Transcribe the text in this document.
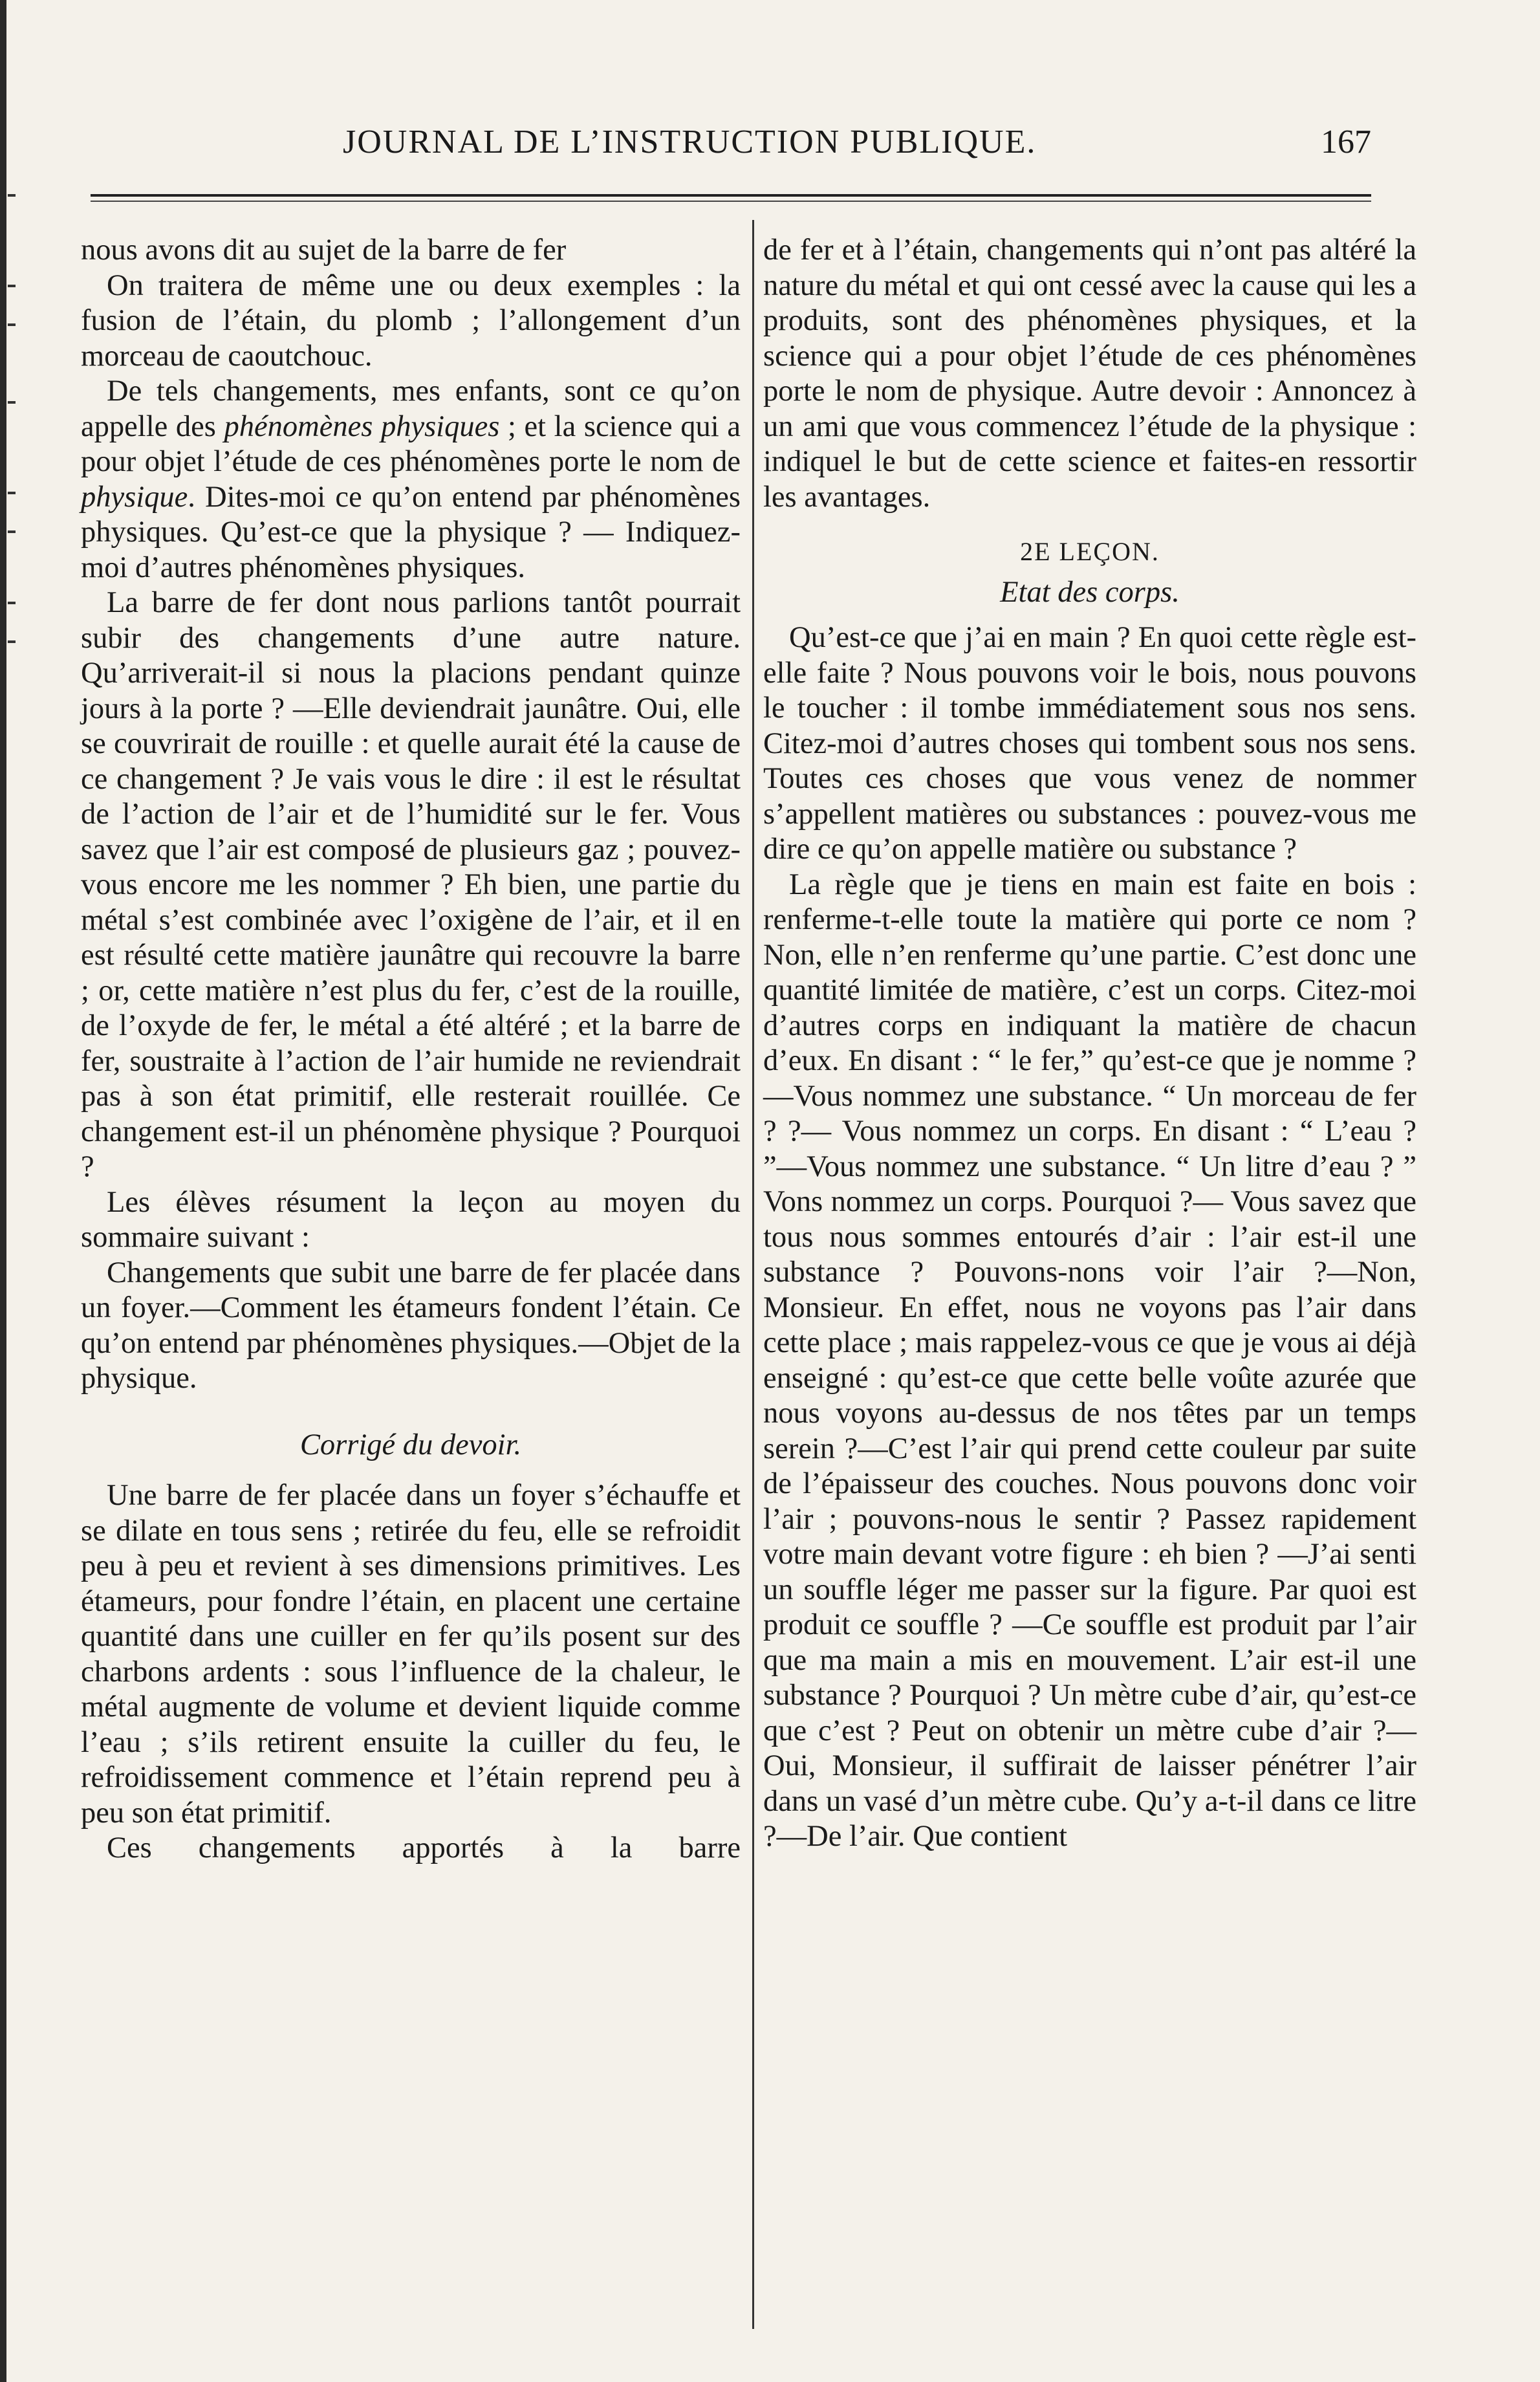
JOURNAL DE L’INSTRUCTION PUBLIQUE.	167

nous avons dit au sujet de la barre de fer

On traitera de même une ou deux exemples : la fusion de l’étain, du plomb ; l’allongement d’un morceau de caoutchouc.

De tels changements, mes enfants, sont ce qu’on appelle des phénomènes physiques ; et la science qui a pour objet l’étude de ces phénomènes porte le nom de physique. Dites-moi ce qu’on entend par phénomènes physiques. Qu’est-ce que la physique ? — Indiquez-moi d’autres phénomènes physiques.

La barre de fer dont nous parlions tantôt pourrait subir des changements d’une autre nature. Qu’arriverait-il si nous la placions pendant quinze jours à la porte ? —Elle deviendrait jaunâtre. Oui, elle se couvrirait de rouille : et quelle aurait été la cause de ce changement ? Je vais vous le dire : il est le résultat de l’action de l’air et de l’humidité sur le fer. Vous savez que l’air est composé de plusieurs gaz ; pouvez-vous encore me les nommer ? Eh bien, une partie du métal s’est combinée avec l’oxigène de l’air, et il en est résulté cette matière jaunâtre qui recouvre la barre ; or, cette matière n’est plus du fer, c’est de la rouille, de l’oxyde de fer, le métal a été altéré ; et la barre de fer, soustraite à l’action de l’air humide ne reviendrait pas à son état primitif, elle resterait rouillée. Ce changement est-il un phénomène physique ? Pourquoi ?

Les élèves résument la leçon au moyen du sommaire suivant :

Changements que subit une barre de fer placée dans un foyer.—Comment les étameurs fondent l’étain. Ce qu’on entend par phénomènes physiques.—Objet de la physique.

Corrigé du devoir.

Une barre de fer placée dans un foyer s’échauffe et se dilate en tous sens ; retirée du feu, elle se refroidit peu à peu et revient à ses dimensions primitives. Les étameurs, pour fondre l’étain, en placent une certaine quantité dans une cuiller en fer qu’ils posent sur des charbons ardents : sous l’influence de la chaleur, le métal augmente de volume et devient liquide comme l’eau ; s’ils retirent ensuite la cuiller du feu, le refroidissement commence et l’étain reprend peu à peu son état primitif.

Ces changements apportés à la barre

de fer et à l’étain, changements qui n’ont pas altéré la nature du métal et qui ont cessé avec la cause qui les a produits, sont des phénomènes physiques, et la science qui a pour objet l’étude de ces phénomènes porte le nom de physique. Autre devoir : Annoncez à un ami que vous commencez l’étude de la physique : indiquel le but de cette science et faites-en ressortir les avantages.

2E LEÇON.

Etat des corps.

Qu’est-ce que j’ai en main ? En quoi cette règle est-elle faite ? Nous pouvons voir le bois, nous pouvons le toucher : il tombe immédiatement sous nos sens. Citez-moi d’autres choses qui tombent sous nos sens. Toutes ces choses que vous venez de nommer s’appellent matières ou substances : pouvez-vous me dire ce qu’on appelle matière ou substance ?

La règle que je tiens en main est faite en bois : renferme-t-elle toute la matière qui porte ce nom ? Non, elle n’en renferme qu’une partie. C’est donc une quantité limitée de matière, c’est un corps. Citez-moi d’autres corps en indiquant la matière de chacun d’eux. En disant : “ le fer,” qu’est-ce que je nomme ? —Vous nommez une substance. “ Un morceau de fer ? ?— Vous nommez un corps. En disant : “ L’eau ? ”—Vous nommez une substance. “ Un litre d’eau ? ” Vons nommez un corps. Pourquoi ?— Vous savez que tous nous sommes entourés d’air : l’air est-il une substance ? Pouvons-nons voir l’air ?—Non, Monsieur. En effet, nous ne voyons pas l’air dans cette place ; mais rappelez-vous ce que je vous ai déjà enseigné : qu’est-ce que cette belle voûte azurée que nous voyons au-dessus de nos têtes par un temps serein ?—C’est l’air qui prend cette couleur par suite de l’épaisseur des couches. Nous pouvons donc voir l’air ; pouvons-nous le sentir ? Passez rapidement votre main devant votre figure : eh bien ? —J’ai senti un souffle léger me passer sur la figure. Par quoi est produit ce souffle ? —Ce souffle est produit par l’air que ma main a mis en mouvement. L’air est-il une substance ? Pourquoi ? Un mètre cube d’air, qu’est-ce que c’est ? Peut on obtenir un mètre cube d’air ?—Oui, Monsieur, il suffirait de laisser pénétrer l’air dans un vasé d’un mètre cube. Qu’y a-t-il dans ce litre ?—De l’air. Que contient
